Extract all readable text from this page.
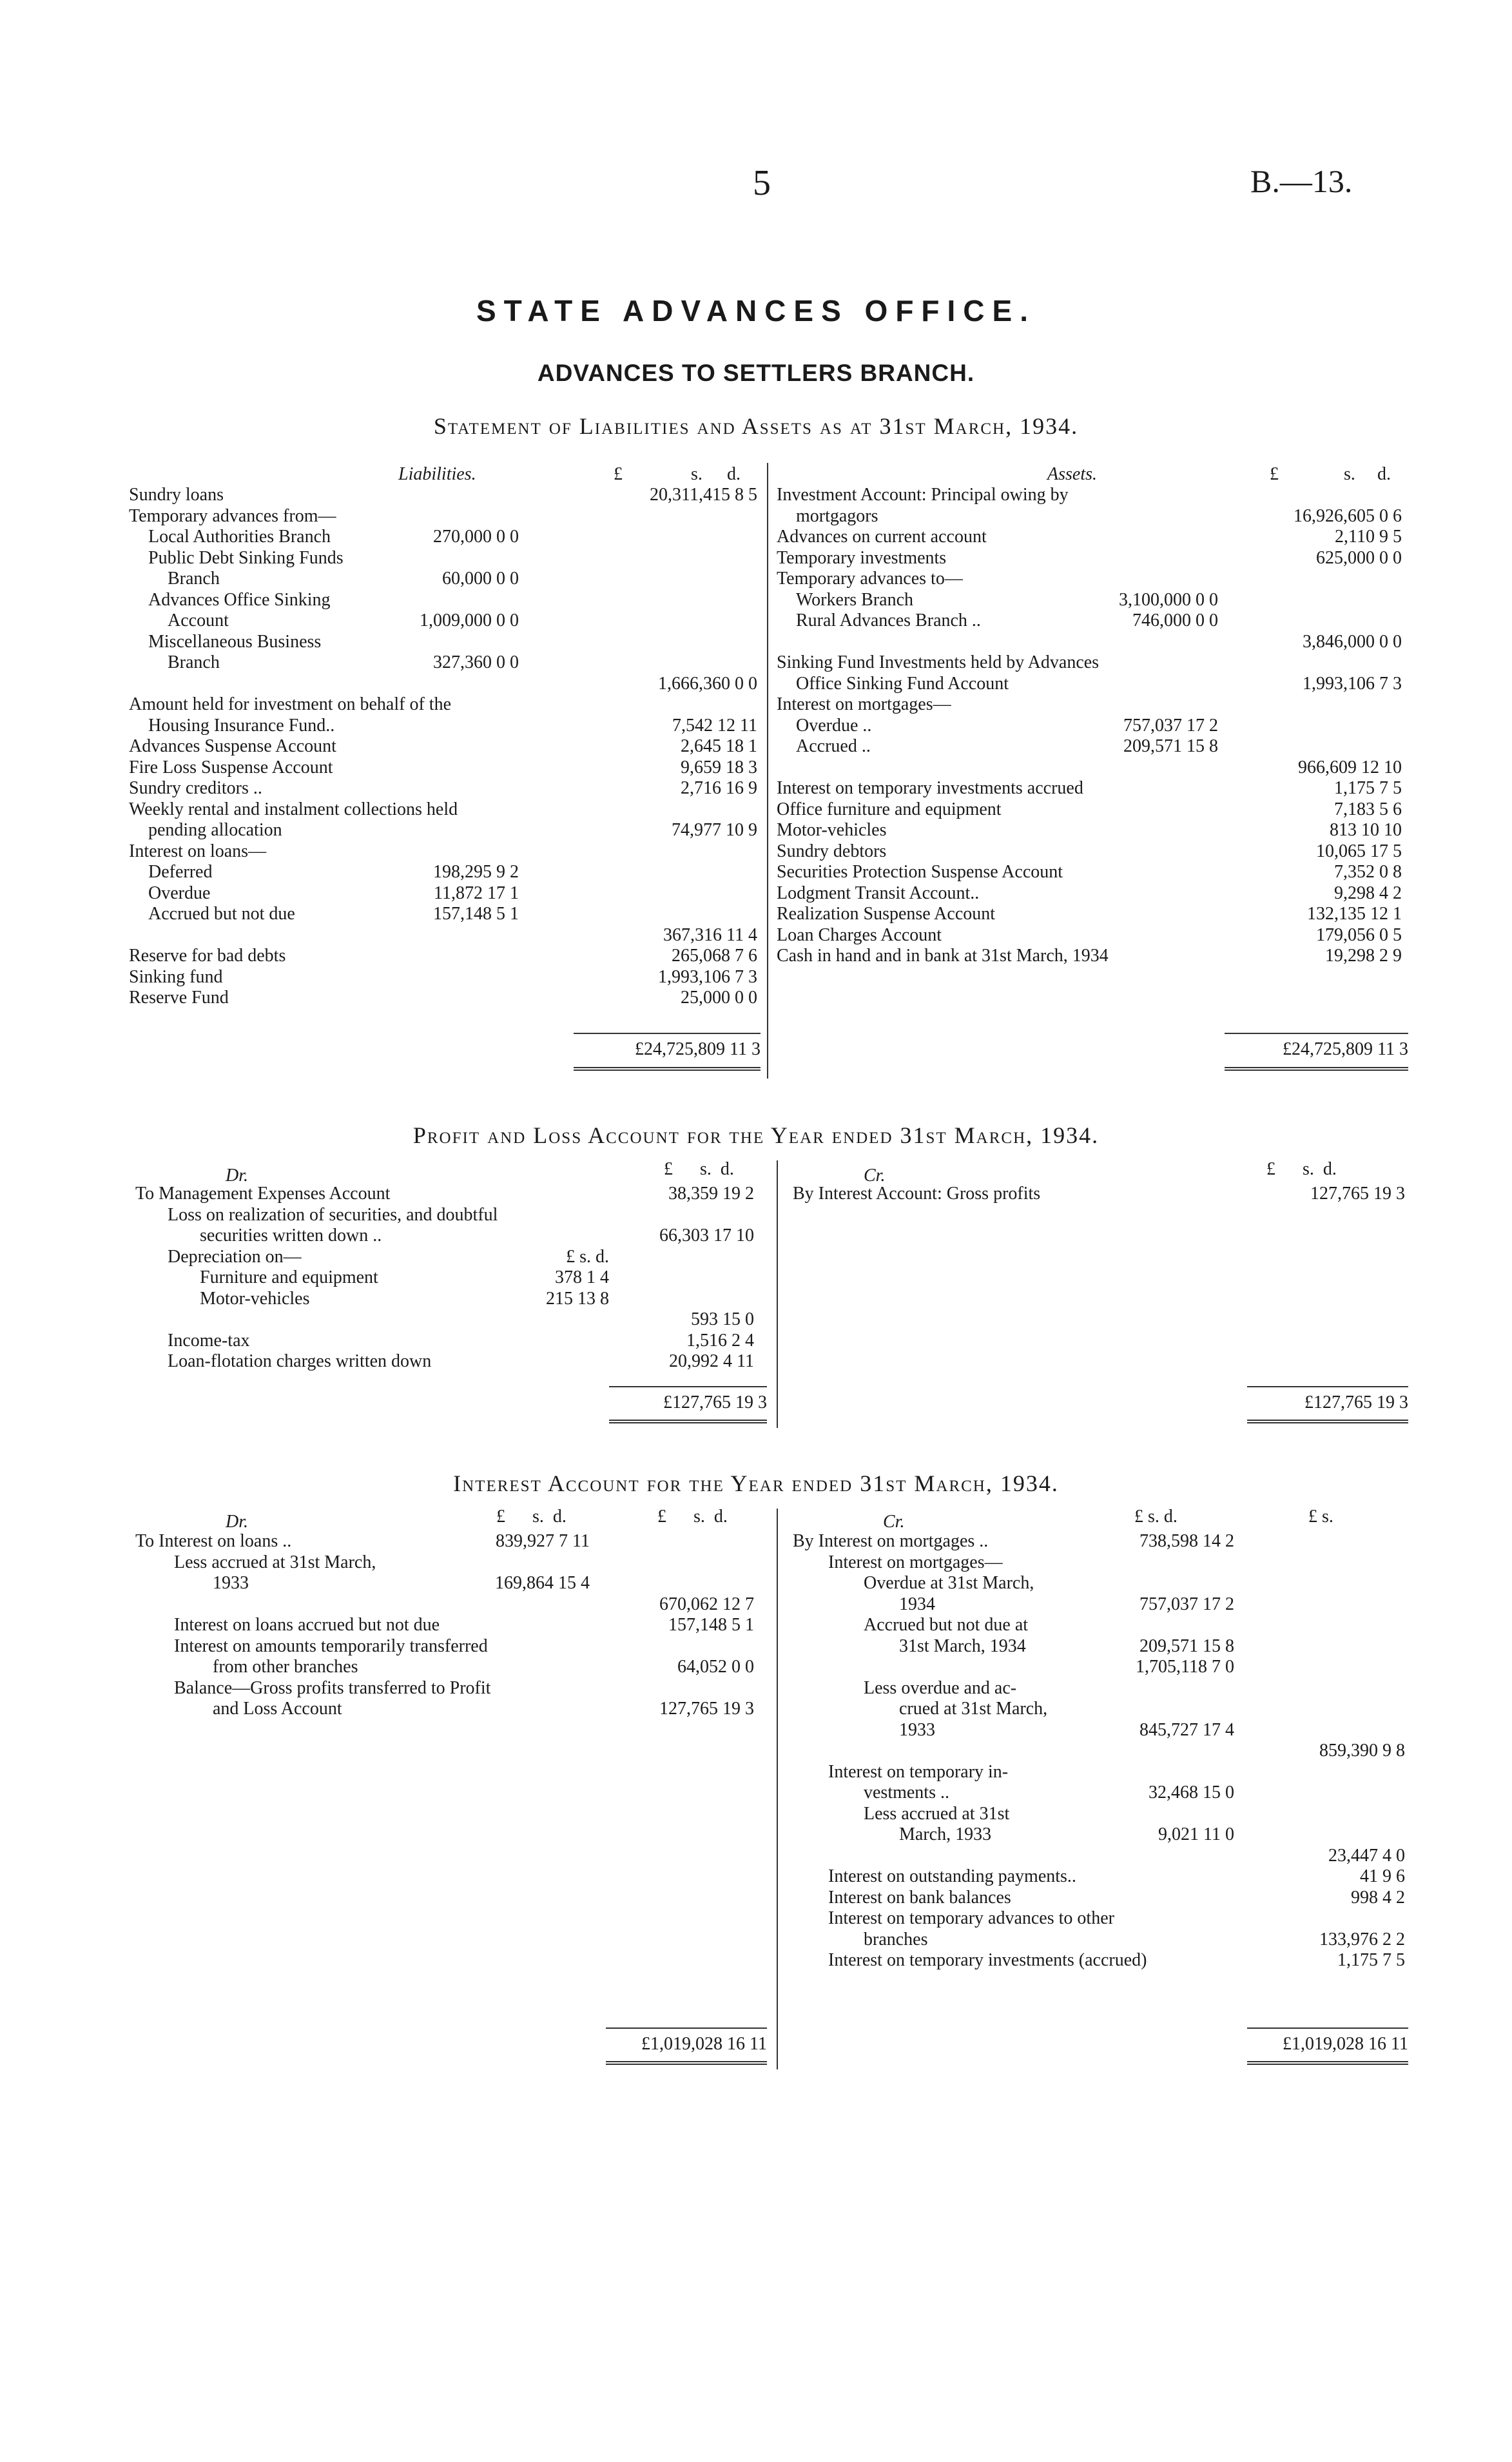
5	B.—13.
STATE ADVANCES OFFICE.
ADVANCES TO SETTLERS BRANCH.
Statement of Liabilities and Assets as at 31st March, 1934.
Liabilities.	£	s. d.
Sundry loans	20,311,415 8 5
Temporary advances from—
Local Authorities Branch	270,000 0 0
Public Debt Sinking Funds
Branch	60,000 0 0
Advances Office Sinking
Account	1,009,000 0 0
Miscellaneous Business
Branch	327,360 0 0
1,666,360 0 0
Amount held for investment on behalf of the
Housing Insurance Fund..	7,542 12 11
Advances Suspense Account	2,645 18 1
Fire Loss Suspense Account	9,659 18 3
Sundry creditors ..	2,716 16 9
Weekly rental and instalment collections held
pending allocation	74,977 10 9
Interest on loans—
Deferred	198,295 9 2
Overdue	11,872 17 1
Accrued but not due	157,148 5 1
367,316 11 4
Reserve for bad debts	265,068 7 6
Sinking fund	1,993,106 7 3
Reserve Fund	25,000 0 0
Assets.	£	s. d.
Investment Account: Principal owing by
mortgagors	16,926,605 0 6
Advances on current account	2,110 9 5
Temporary investments	625,000 0 0
Temporary advances to—
Workers Branch	3,100,000 0 0
Rural Advances Branch ..	746,000 0 0
3,846,000 0 0
Sinking Fund Investments held by Advances
Office Sinking Fund Account	1,993,106 7 3
Interest on mortgages—
Overdue ..	757,037 17 2
Accrued ..	209,571 15 8
966,609 12 10
Interest on temporary investments accrued	1,175 7 5
Office furniture and equipment	7,183 5 6
Motor-vehicles	813 10 10
Sundry debtors	10,065 17 5
Securities Protection Suspense Account	7,352 0 8
Lodgment Transit Account..	9,298 4 2
Realization Suspense Account	132,135 12 1
Loan Charges Account	179,056 0 5
Cash in hand and in bank at 31st March, 1934	19,298 2 9
£24,725,809 11 3	£24,725,809 11 3
Profit and Loss Account for the Year ended 31st March, 1934.
Dr.	£ s. d.
To Management Expenses Account	38,359 19 2
Loss on realization of securities, and doubtful
securities written down ..	66,303 17 10
Depreciation on—	£ s. d.
Furniture and equipment	378 1 4
Motor-vehicles	215 13 8
593 15 0
Income-tax	1,516 2 4
Loan-flotation charges written down	20,992 4 11
Cr.	£ s. d.
By Interest Account: Gross profits	127,765 19 3
£127,765 19 3	£127,765 19 3
Interest Account for the Year ended 31st March, 1934.
Dr.	£ s. d.	£ s. d.
To Interest on loans ..	839,927 7 11
Less accrued at 31st March,
1933	169,864 15 4
670,062 12 7
Interest on loans accrued but not due	157,148 5 1
Interest on amounts temporarily transferred
from other branches	64,052 0 0
Balance—Gross profits transferred to Profit
and Loss Account	127,765 19 3
Cr.	£ s. d.	£ s.
By Interest on mortgages ..	738,598 14 2
Interest on mortgages—
Overdue at 31st March,
1934	757,037 17 2
Accrued but not due at
31st March, 1934	209,571 15 8
1,705,118 7 0
Less overdue and ac-
crued at 31st March,
1933	845,727 17 4
859,390 9 8
Interest on temporary in-
vestments ..	32,468 15 0
Less accrued at 31st
March, 1933	9,021 11 0
23,447 4 0
Interest on outstanding payments..	41 9 6
Interest on bank balances	998 4 2
Interest on temporary advances to other
branches	133,976 2 2
Interest on temporary investments (accrued)	1,175 7 5
£1,019,028 16 11	£1,019,028 16 11
